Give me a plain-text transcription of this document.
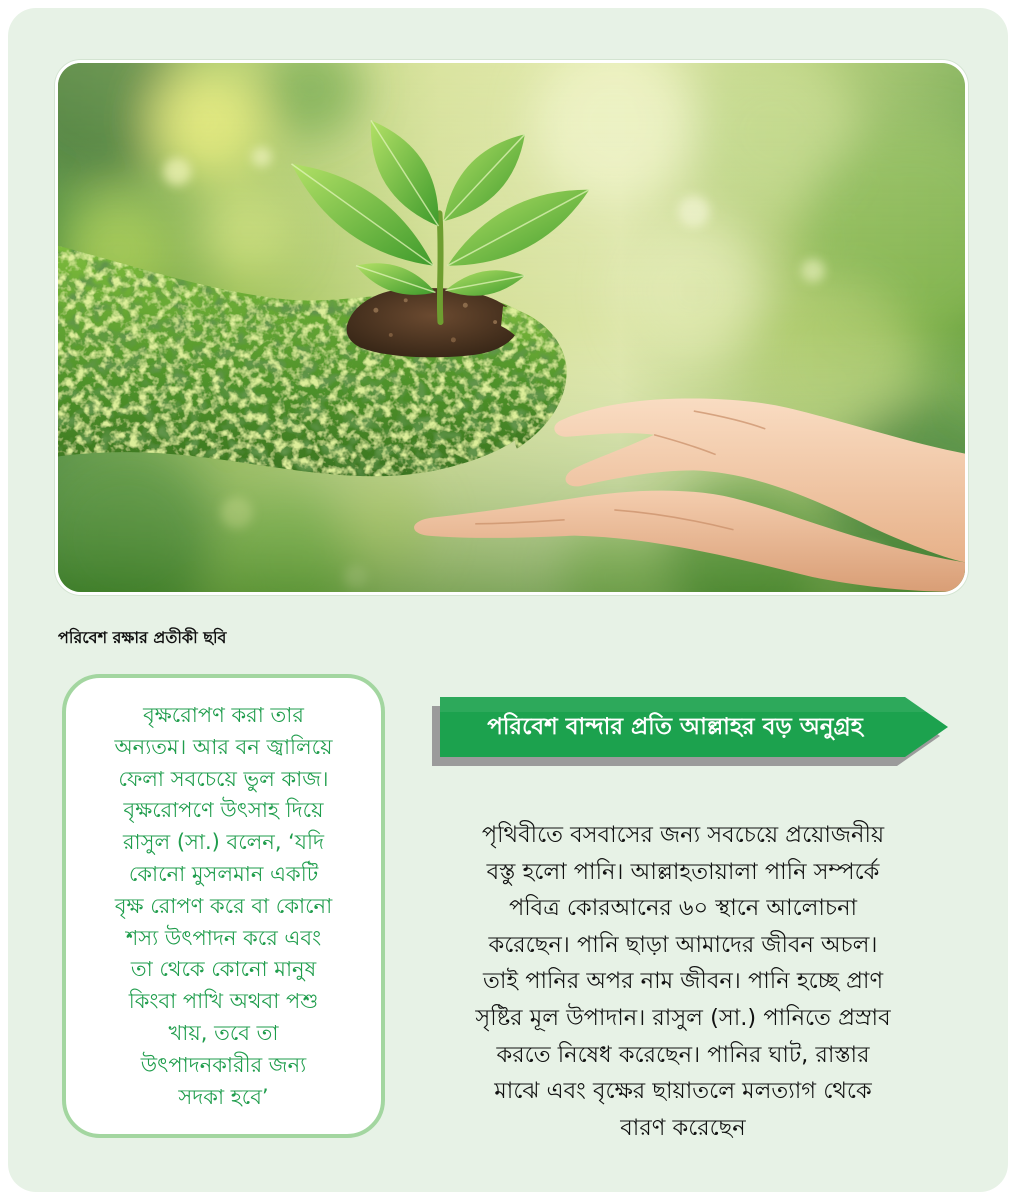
পরিবেশ রক্ষার প্রতীকী ছবি
বৃক্ষরোপণ করা তার
অন্যতম। আর বন জ্বালিয়ে
ফেলা সবচেয়ে ভুল কাজ।
বৃক্ষরোপণে উৎসাহ দিয়ে
রাসুল (সা.) বলেন, ‘যদি
কোনো মুসলমান একটি
বৃক্ষ রোপণ করে বা কোনো
শস্য উৎপাদন করে এবং
তা থেকে কোনো মানুষ
কিংবা পাখি অথবা পশু
খায়, তবে তা
উৎপাদনকারীর জন্য
সদকা হবে’
পরিবেশ বান্দার প্রতি আল্লাহর বড় অনুগ্রহ
পৃথিবীতে বসবাসের জন্য সবচেয়ে প্রয়োজনীয়
বস্তু হলো পানি। আল্লাহতায়ালা পানি সম্পর্কে
পবিত্র কোরআনের ৬০ স্থানে আলোচনা
করেছেন। পানি ছাড়া আমাদের জীবন অচল।
তাই পানির অপর নাম জীবন। পানি হচ্ছে প্রাণ
সৃষ্টির মূল উপাদান। রাসুল (সা.) পানিতে প্রস্রাব
করতে নিষেধ করেছেন। পানির ঘাট, রাস্তার
মাঝে এবং বৃক্ষের ছায়াতলে মলত্যাগ থেকে
বারণ করেছেন
